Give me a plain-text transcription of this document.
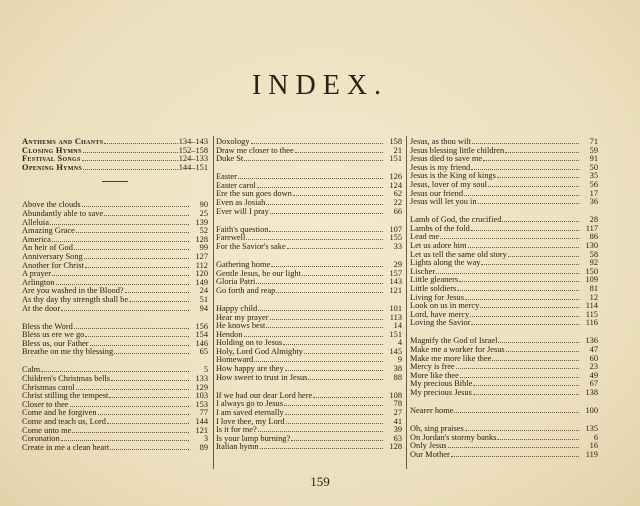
INDEX.
Anthems and Chants	134–143
Closing Hymns	152–158
Festival Songs	124–133
Opening Hymns	144–151
Above the clouds	90
Abundantly able to save	25
Alleluia	139
Amazing Grace	52
America	128
An heir of God	99
Anniversary Song	127
Another for Christ	112
A prayer	120
Arlington	149
Are you washed in the Blood?	24
As thy day thy strength shall be	51
At the door	94
Bless the Word	156
Bless us ere we go	154
Bless us, our Father	146
Breathe on me thy blessing	65
Calm	5
Children's Christmas bells	133
Christmas carol	129
Christ stilling the tempest	103
Closer to thee	153
Come and be forgiven	77
Come and teach us, Lord	144
Come unto me	121
Coronation	3
Create in me a clean heart	89
Doxology	158
Draw me closer to thee	21
Duke St	151
Easter	126
Easter carol	124
Ere the sun goes down	62
Even as Josiah	22
Ever will I pray	66
Faith's question	107
Farewell	155
For the Savior's sake	33
Gathering home	29
Gentle Jesus, be our light	157
Gloria Patri	143
Go forth and reap	121
Happy child	101
Hear my prayer	113
He knows best	14
Hendon	151
Holding on to Jesus	4
Holy, Lord God Almighty	145
Homeward	9
How happy are they	38
How sweet to trust in Jesus	88
If we had our dear Lord here	108
I always go to Jesus	78
I am saved eternally	27
I love thee, my Lord	41
Is it for me?	39
Is your lamp burning?	63
Italian hymn	128
Jesus, as thou wilt	71
Jesus blessing little children	59
Jesus died to save me	91
Jesus is my friend	50
Jesus is the King of kings	35
Jesus, lover of my soul	56
Jesus our friend	17
Jesus will let you in	36
Lamb of God, the crucified	28
Lambs of the fold	117
Lead me	86
Let us adore him	130
Let us tell the same old story	58
Lights along the way	92
Lischer	150
Little gleaners	109
Little soldiers	81
Living for Jesus	12
Look on us in mercy	114
Lord, have mercy	115
Loving the Savior	116
Magnify the God of Israel	136
Make me a worker for Jesus	47
Make me more like thee	60
Mercy is free	23
More like thee	49
My precious Bible	67
My precious Jesus	138
Nearer home	100
Oh, sing praises	135
On Jordan's stormy banks	6
Only Jesus	16
Our Mother	119
159
